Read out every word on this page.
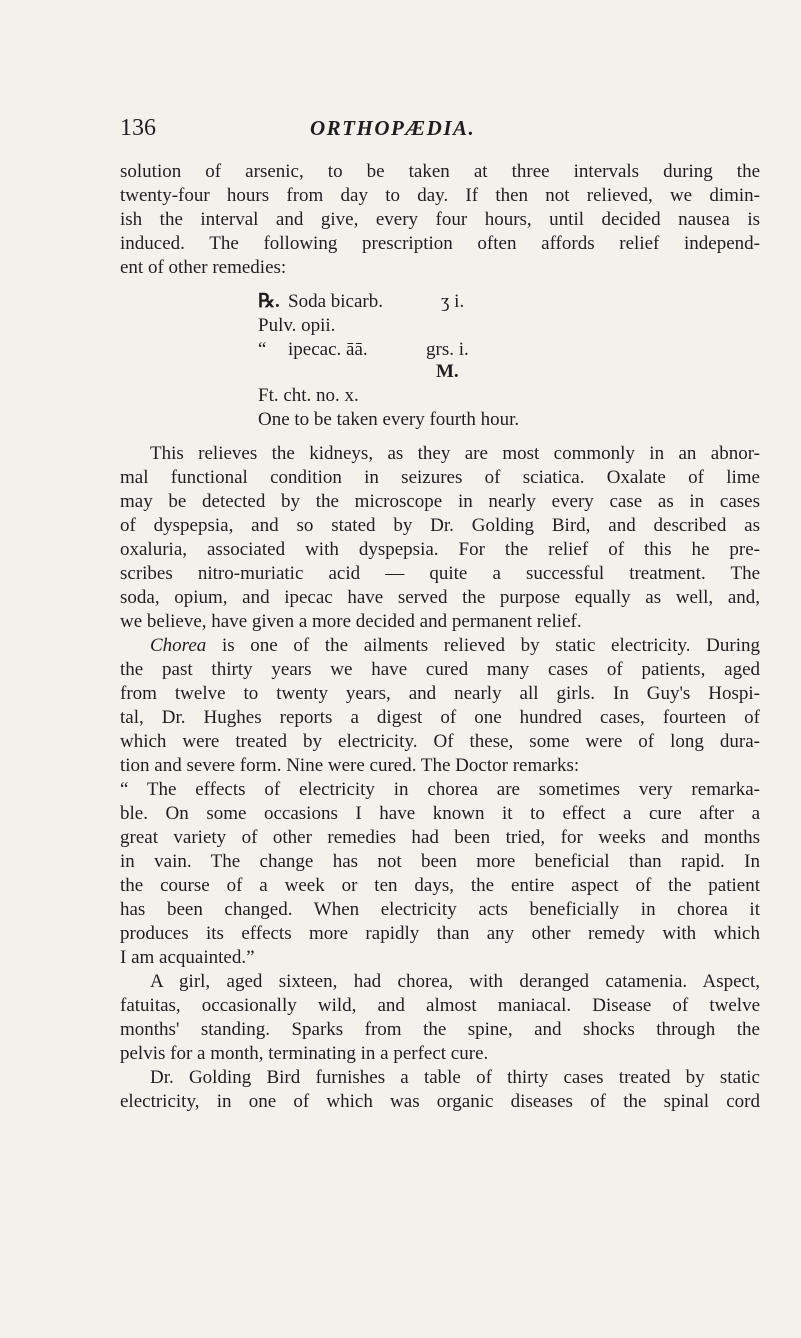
136	ORTHOPÆDIA.
solution of arsenic, to be taken at three intervals during the
twenty-four hours from day to day. If then not relieved, we dimin-
ish the interval and give, every four hours, until decided nausea is
induced. The following prescription often affords relief independ-
ent of other remedies:
℞. Soda bicarb.	ʒ i.
Pulv. opii.
“ ipecac. āā.	grs. i.
M.
Ft. cht. no. x.
One to be taken every fourth hour.
This relieves the kidneys, as they are most commonly in an abnor-
mal functional condition in seizures of sciatica. Oxalate of lime
may be detected by the microscope in nearly every case as in cases
of dyspepsia, and so stated by Dr. Golding Bird, and described as
oxaluria, associated with dyspepsia. For the relief of this he pre-
scribes nitro-muriatic acid — quite a successful treatment. The
soda, opium, and ipecac have served the purpose equally as well, and,
we believe, have given a more decided and permanent relief.
Chorea is one of the ailments relieved by static electricity. During
the past thirty years we have cured many cases of patients, aged
from twelve to twenty years, and nearly all girls. In Guy's Hospi-
tal, Dr. Hughes reports a digest of one hundred cases, fourteen of
which were treated by electricity. Of these, some were of long dura-
tion and severe form. Nine were cured. The Doctor remarks:
“ The effects of electricity in chorea are sometimes very remarka-
ble. On some occasions I have known it to effect a cure after a
great variety of other remedies had been tried, for weeks and months
in vain. The change has not been more beneficial than rapid. In
the course of a week or ten days, the entire aspect of the patient
has been changed. When electricity acts beneficially in chorea it
produces its effects more rapidly than any other remedy with which
I am acquainted.”
A girl, aged sixteen, had chorea, with deranged catamenia. Aspect,
fatuitas, occasionally wild, and almost maniacal. Disease of twelve
months' standing. Sparks from the spine, and shocks through the
pelvis for a month, terminating in a perfect cure.
Dr. Golding Bird furnishes a table of thirty cases treated by static
electricity, in one of which was organic diseases of the spinal cord
